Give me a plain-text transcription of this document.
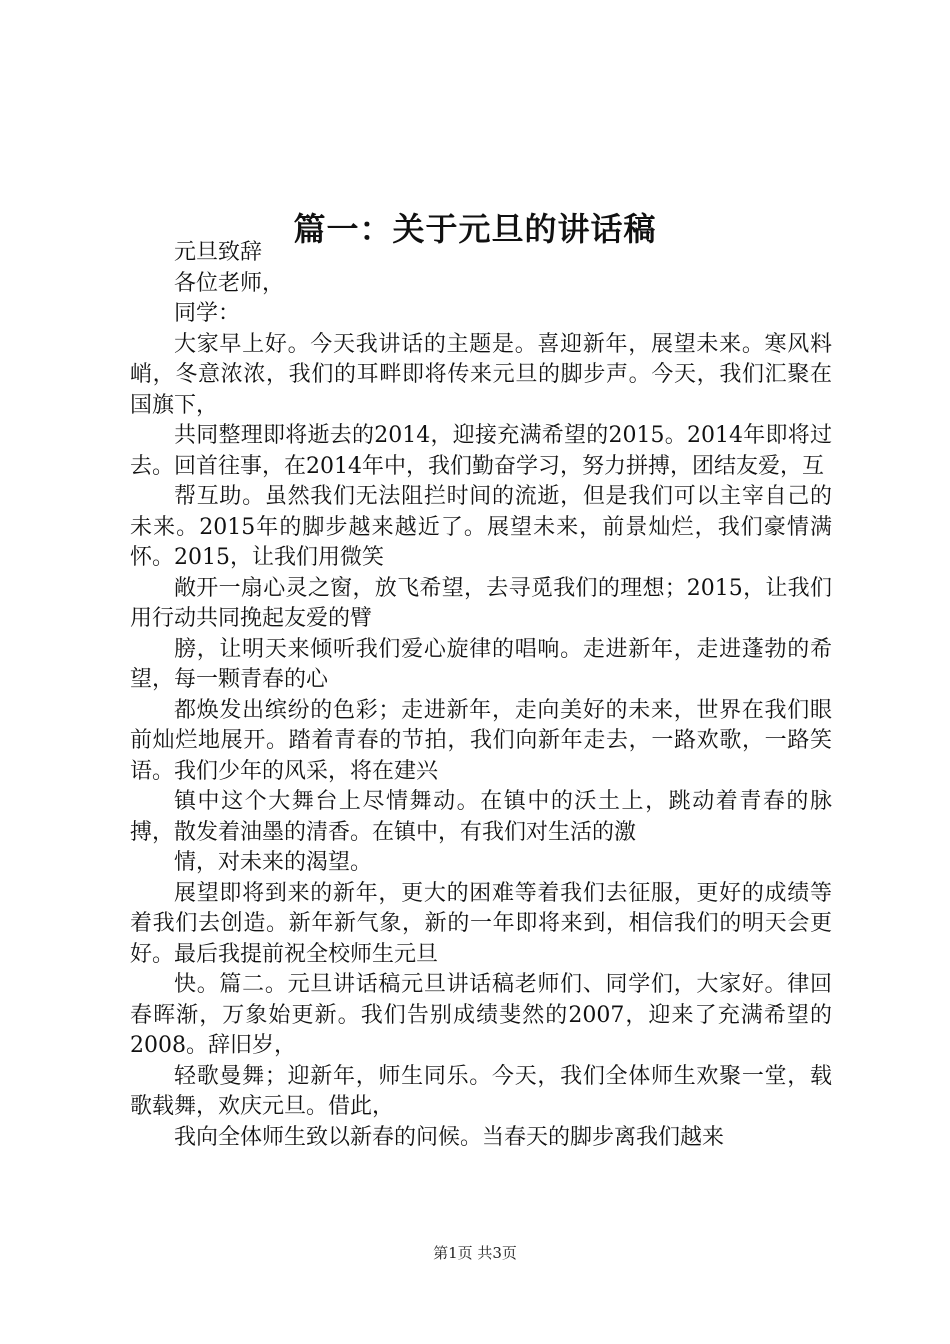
篇一：关于元旦的讲话稿

元旦致辞

各位老师，

同学：

大家早上好。今天我讲话的主题是。喜迎新年，展望未来。寒风料峭，冬意浓浓，我们的耳畔即将传来元旦的脚步声。今天，我们汇聚在国旗下，

共同整理即将逝去的2014，迎接充满希望的2015。2014年即将过去。回首往事，在2014年中，我们勤奋学习，努力拼搏，团结友爱，互

帮互助。虽然我们无法阻拦时间的流逝，但是我们可以主宰自己的未来。2015年的脚步越来越近了。展望未来，前景灿烂，我们豪情满怀。2015，让我们用微笑

敞开一扇心灵之窗，放飞希望，去寻觅我们的理想；2015，让我们用行动共同挽起友爱的臂

膀，让明天来倾听我们爱心旋律的唱响。走进新年，走进蓬勃的希望，每一颗青春的心

都焕发出缤纷的色彩；走进新年，走向美好的未来，世界在我们眼前灿烂地展开。踏着青春的节拍，我们向新年走去，一路欢歌，一路笑语。我们少年的风采，将在建兴

镇中这个大舞台上尽情舞动。在镇中的沃土上，跳动着青春的脉搏，散发着油墨的清香。在镇中，有我们对生活的激

情，对未来的渴望。

展望即将到来的新年，更大的困难等着我们去征服，更好的成绩等着我们去创造。新年新气象，新的一年即将来到，相信我们的明天会更好。最后我提前祝全校师生元旦

快。篇二。元旦讲话稿元旦讲话稿老师们、同学们，大家好。律回春晖渐，万象始更新。我们告别成绩斐然的2007，迎来了充满希望的2008。辞旧岁，

轻歌曼舞；迎新年，师生同乐。今天，我们全体师生欢聚一堂，载歌载舞，欢庆元旦。借此，

我向全体师生致以新春的问候。当春天的脚步离我们越来

第1页 共3页
